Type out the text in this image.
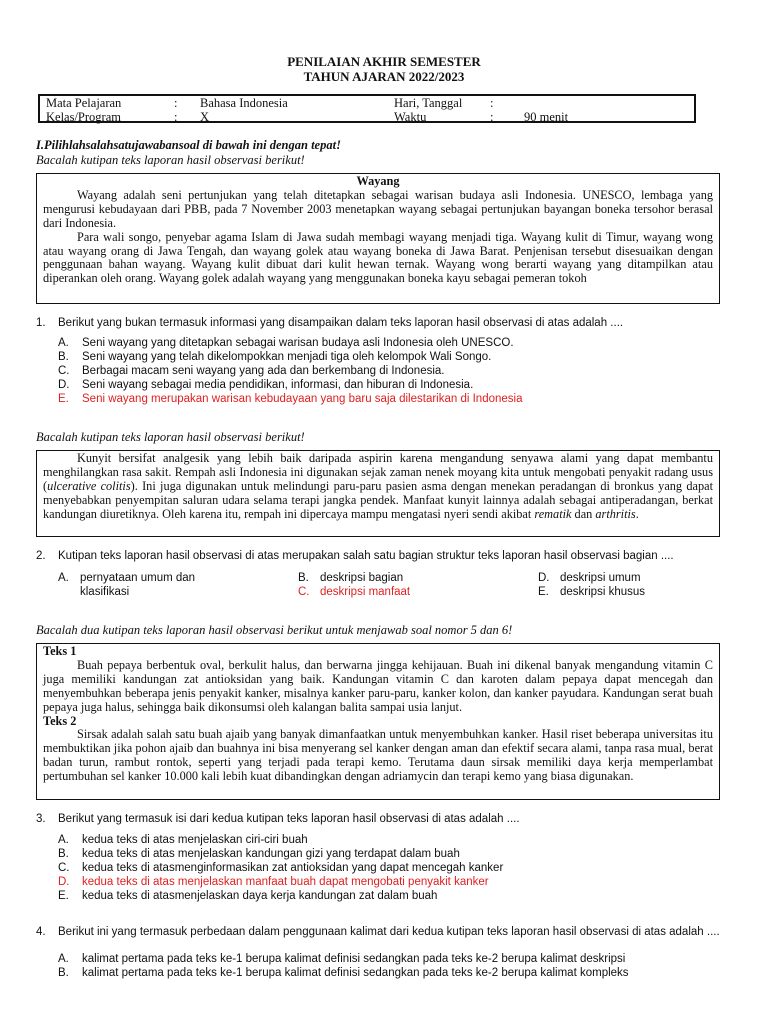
PENILAIAN AKHIR SEMESTER
TAHUN AJARAN 2022/2023
Mata Pelajaran	: Bahasa Indonesia	Hari, Tanggal :
Kelas/Program	: X	Waktu	: 90 menit
I.Pilihlahsalahsatujawabansoal di bawah ini dengan tepat!
Bacalah kutipan teks laporan hasil observasi berikut!

Wayang

Wayang adalah seni pertunjukan yang telah ditetapkan sebagai warisan budaya asli Indonesia. UNESCO, lembaga yang mengurusi kebudayaan dari PBB, pada 7 November 2003 menetapkan wayang sebagai pertunjukan bayangan boneka tersohor berasal dari Indonesia.

Para wali songo, penyebar agama Islam di Jawa sudah membagi wayang menjadi tiga. Wayang kulit di Timur, wayang wong atau wayang orang di Jawa Tengah, dan wayang golek atau wayang boneka di Jawa Barat. Penjenisan tersebut disesuaikan dengan penggunaan bahan wayang. Wayang kulit dibuat dari kulit hewan ternak. Wayang wong berarti wayang yang ditampilkan atau diperankan oleh orang. Wayang golek adalah wayang yang menggunakan boneka kayu sebagai pemeran tokoh

1. Berikut yang bukan termasuk informasi yang disampaikan dalam teks laporan hasil observasi di atas adalah ....
A. Seni wayang yang ditetapkan sebagai warisan budaya asli Indonesia oleh UNESCO.
B. Seni wayang yang telah dikelompokkan menjadi tiga oleh kelompok Wali Songo.
C. Berbagai macam seni wayang yang ada dan berkembang di Indonesia.
D. Seni wayang sebagai media pendidikan, informasi, dan hiburan di Indonesia.
E. Seni wayang merupakan warisan kebudayaan yang baru saja dilestarikan di Indonesia
Bacalah kutipan teks laporan hasil observasi berikut!

Kunyit bersifat analgesik yang lebih baik daripada aspirin karena mengandung senyawa alami yang dapat membantu menghilangkan rasa sakit. Rempah asli Indonesia ini digunakan sejak zaman nenek moyang kita untuk mengobati penyakit radang usus (ulcerative colitis). Ini juga digunakan untuk melindungi paru-paru pasien asma dengan menekan peradangan di bronkus yang dapat menyebabkan penyempitan saluran udara selama terapi jangka pendek. Manfaat kunyit lainnya adalah sebagai antiperadangan, berkat kandungan diuretiknya. Oleh karena itu, rempah ini dipercaya mampu mengatasi nyeri sendi akibat rematik dan arthritis.

2. Kutipan teks laporan hasil observasi di atas merupakan salah satu bagian struktur teks laporan hasil observasi bagian ....
A. pernyataan umum dan
klasifikasi
B. deskripsi bagian
C. deskripsi manfaat
D. deskripsi umum
E. deskripsi khusus
Bacalah dua kutipan teks laporan hasil observasi berikut untuk menjawab soal nomor 5 dan 6!

Teks 1

Buah pepaya berbentuk oval, berkulit halus, dan berwarna jingga kehijauan. Buah ini dikenal banyak mengandung vitamin C juga memiliki kandungan zat antioksidan yang baik. Kandungan vitamin C dan karoten dalam pepaya dapat mencegah dan menyembuhkan beberapa jenis penyakit kanker, misalnya kanker paru-paru, kanker kolon, dan kanker payudara. Kandungan serat buah pepaya juga halus, sehingga baik dikonsumsi oleh kalangan balita sampai usia lanjut.

Teks 2

Sirsak adalah salah satu buah ajaib yang banyak dimanfaatkan untuk menyembuhkan kanker. Hasil riset beberapa universitas itu membuktikan jika pohon ajaib dan buahnya ini bisa menyerang sel kanker dengan aman dan efektif secara alami, tanpa rasa mual, berat badan turun, rambut rontok, seperti yang terjadi pada terapi kemo. Terutama daun sirsak memiliki daya kerja memperlambat pertumbuhan sel kanker 10.000 kali lebih kuat dibandingkan dengan adriamycin dan terapi kemo yang biasa digunakan.

3. Berikut yang termasuk isi dari kedua kutipan teks laporan hasil observasi di atas adalah ....
A. kedua teks di atas menjelaskan ciri-ciri buah
B. kedua teks di atas menjelaskan kandungan gizi yang terdapat dalam buah
C. kedua teks di atasmenginformasikan zat antioksidan yang dapat mencegah kanker
D. kedua teks di atas menjelaskan manfaat buah dapat mengobati penyakit kanker
E. kedua teks di atasmenjelaskan daya kerja kandungan zat dalam buah
4. Berikut ini yang termasuk perbedaan dalam penggunaan kalimat dari kedua kutipan teks laporan hasil observasi di atas adalah ....
A. kalimat pertama pada teks ke-1 berupa kalimat definisi sedangkan pada teks ke-2 berupa kalimat deskripsi
B. kalimat pertama pada teks ke-1 berupa kalimat definisi sedangkan pada teks ke-2 berupa kalimat kompleks
